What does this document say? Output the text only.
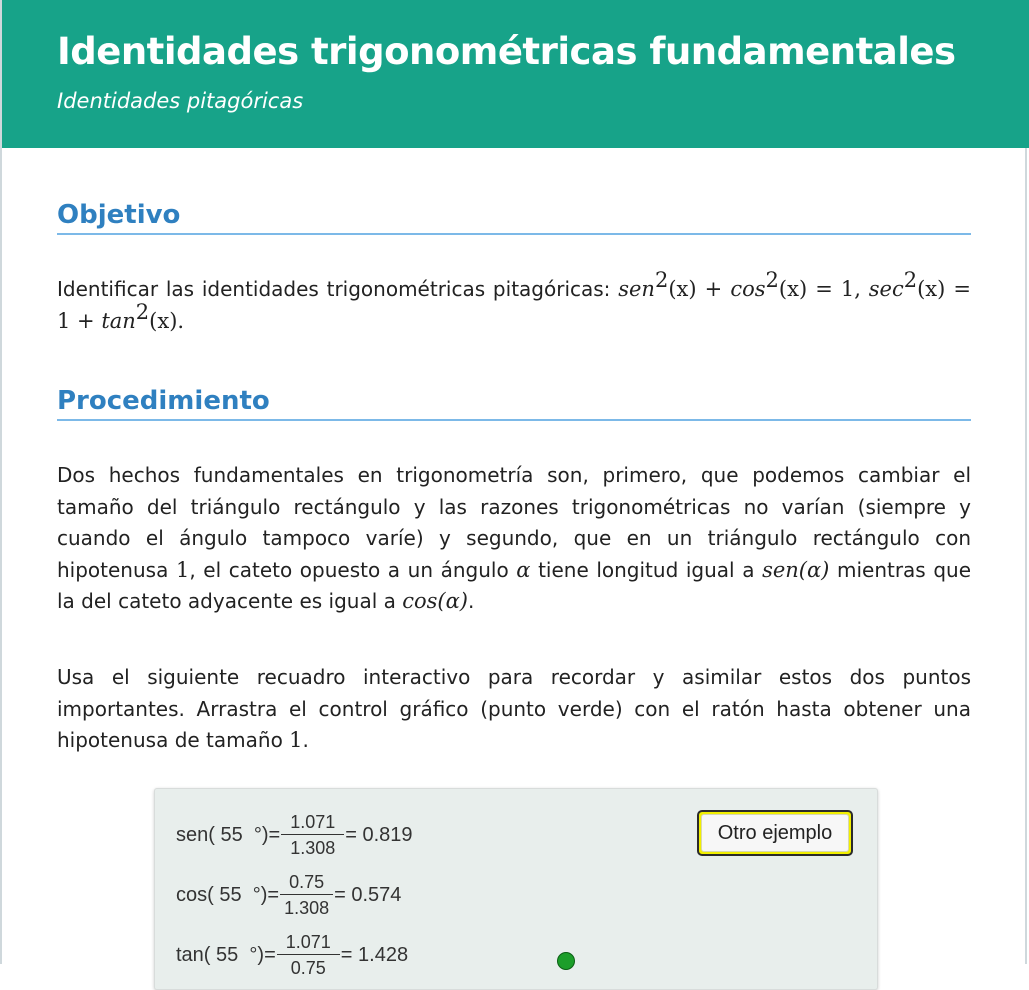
Identidades trigonométricas fundamentales

Identidades pitagóricas

Objetivo

Identificar las identidades trigonométricas pitagóricas: $sen^2(x) + \cos^2(x) = 1$, $\sec^2(x) = 1 + \tan^2(x)$.

Procedimiento

Dos hechos fundamentales en trigonometría son, primero, que podemos cambiar el tamaño del triángulo rectángulo y las razones trigonométricas no varían (siempre y cuando el ángulo tampoco varíe) y segundo, que en un triángulo rectángulo con hipotenusa 1, el cateto opuesto a un ángulo α tiene longitud igual a sen(α) mientras que la del cateto adyacente es igual a cos(α).

Usa el siguiente recuadro interactivo para recordar y asimilar estos dos puntos importantes. Arrastra el control gráfico (punto verde) con el ratón hasta obtener una hipotenusa de tamaño 1.

sen(
55
°)= $\frac{1.071}{1.308} = 0.819$
cos(
55
°)= $\frac{0.75}{1.308} = 0.574$
tan(
55
°)= $\frac{1.071}{0.75} = 1.428$
Otro ejemplo
